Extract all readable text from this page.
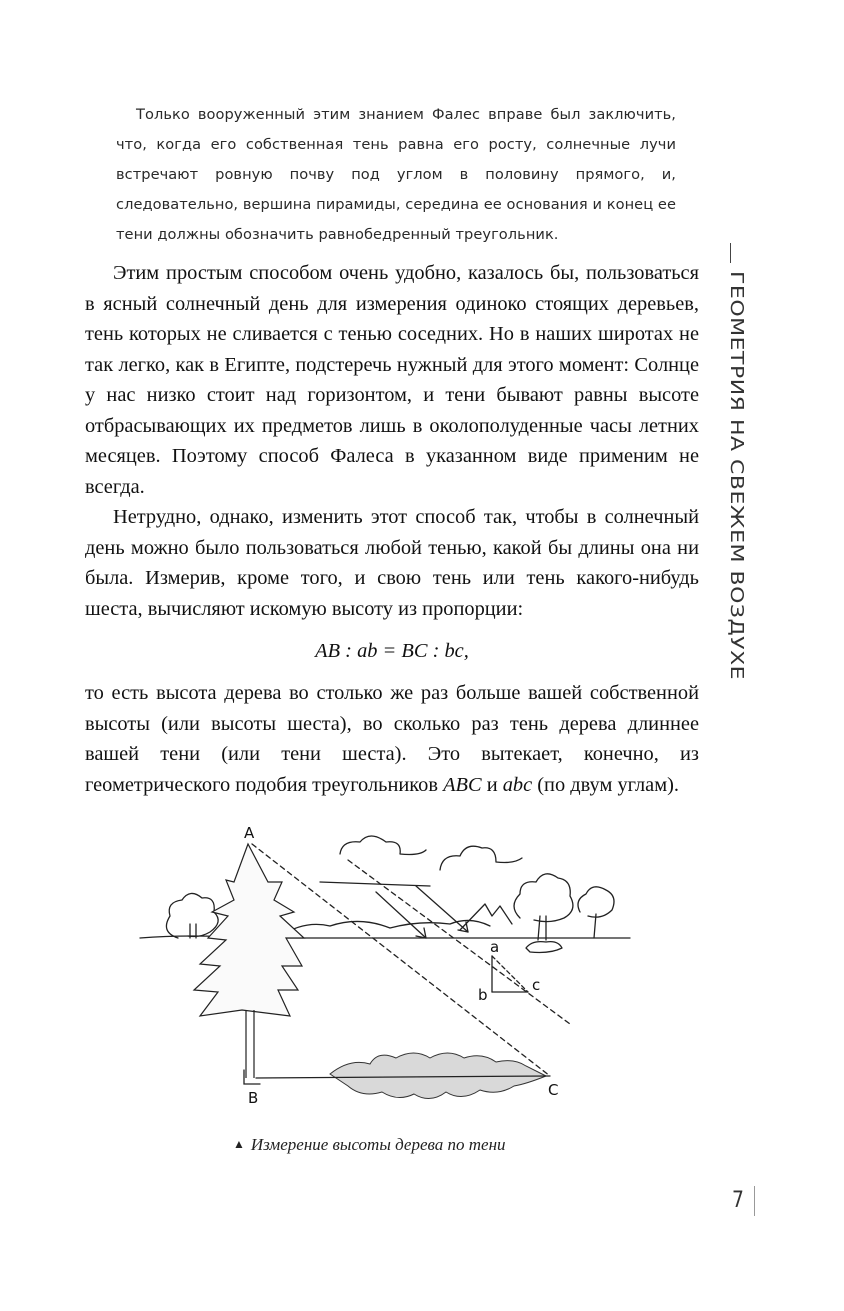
Только вооруженный этим знанием Фалес вправе был заключить, что, когда его собственная тень равна его росту, солнечные лучи встречают ровную почву под углом в половину прямого, и, следовательно, вершина пирамиды, середина ее основания и конец ее тени должны обозначить равнобедренный треугольник.

Этим простым способом очень удобно, казалось бы, пользоваться в ясный солнечный день для измерения одиноко стоящих деревьев, тень которых не сливается с тенью соседних. Но в наших широтах не так легко, как в Египте, подстеречь нужный для этого момент: Солнце у нас низко стоит над горизонтом, и тени бывают равны высоте отбрасывающих их предметов лишь в околополуденные часы летних месяцев. Поэтому способ Фалеса в указанном виде применим не всегда.

Нетрудно, однако, изменить этот способ так, чтобы в солнечный день можно было пользоваться любой тенью, какой бы длины она ни была. Измерив, кроме того, и свою тень или тень какого-нибудь шеста, вычисляют искомую высоту из пропорции:

AB : ab = BC : bc,

то есть высота дерева во столько же раз больше вашей собственной высоты (или высоты шеста), во сколько раз тень дерева длиннее вашей тени (или тени шеста). Это вытекает, конечно, из геометрического подобия треугольников ABC и abc (по двум углам).

A
B	C
a
b
c
▲ Измерение высоты дерева по тени
ГЕОМЕТРИЯ НА СВЕЖЕМ ВОЗДУХЕ
7
